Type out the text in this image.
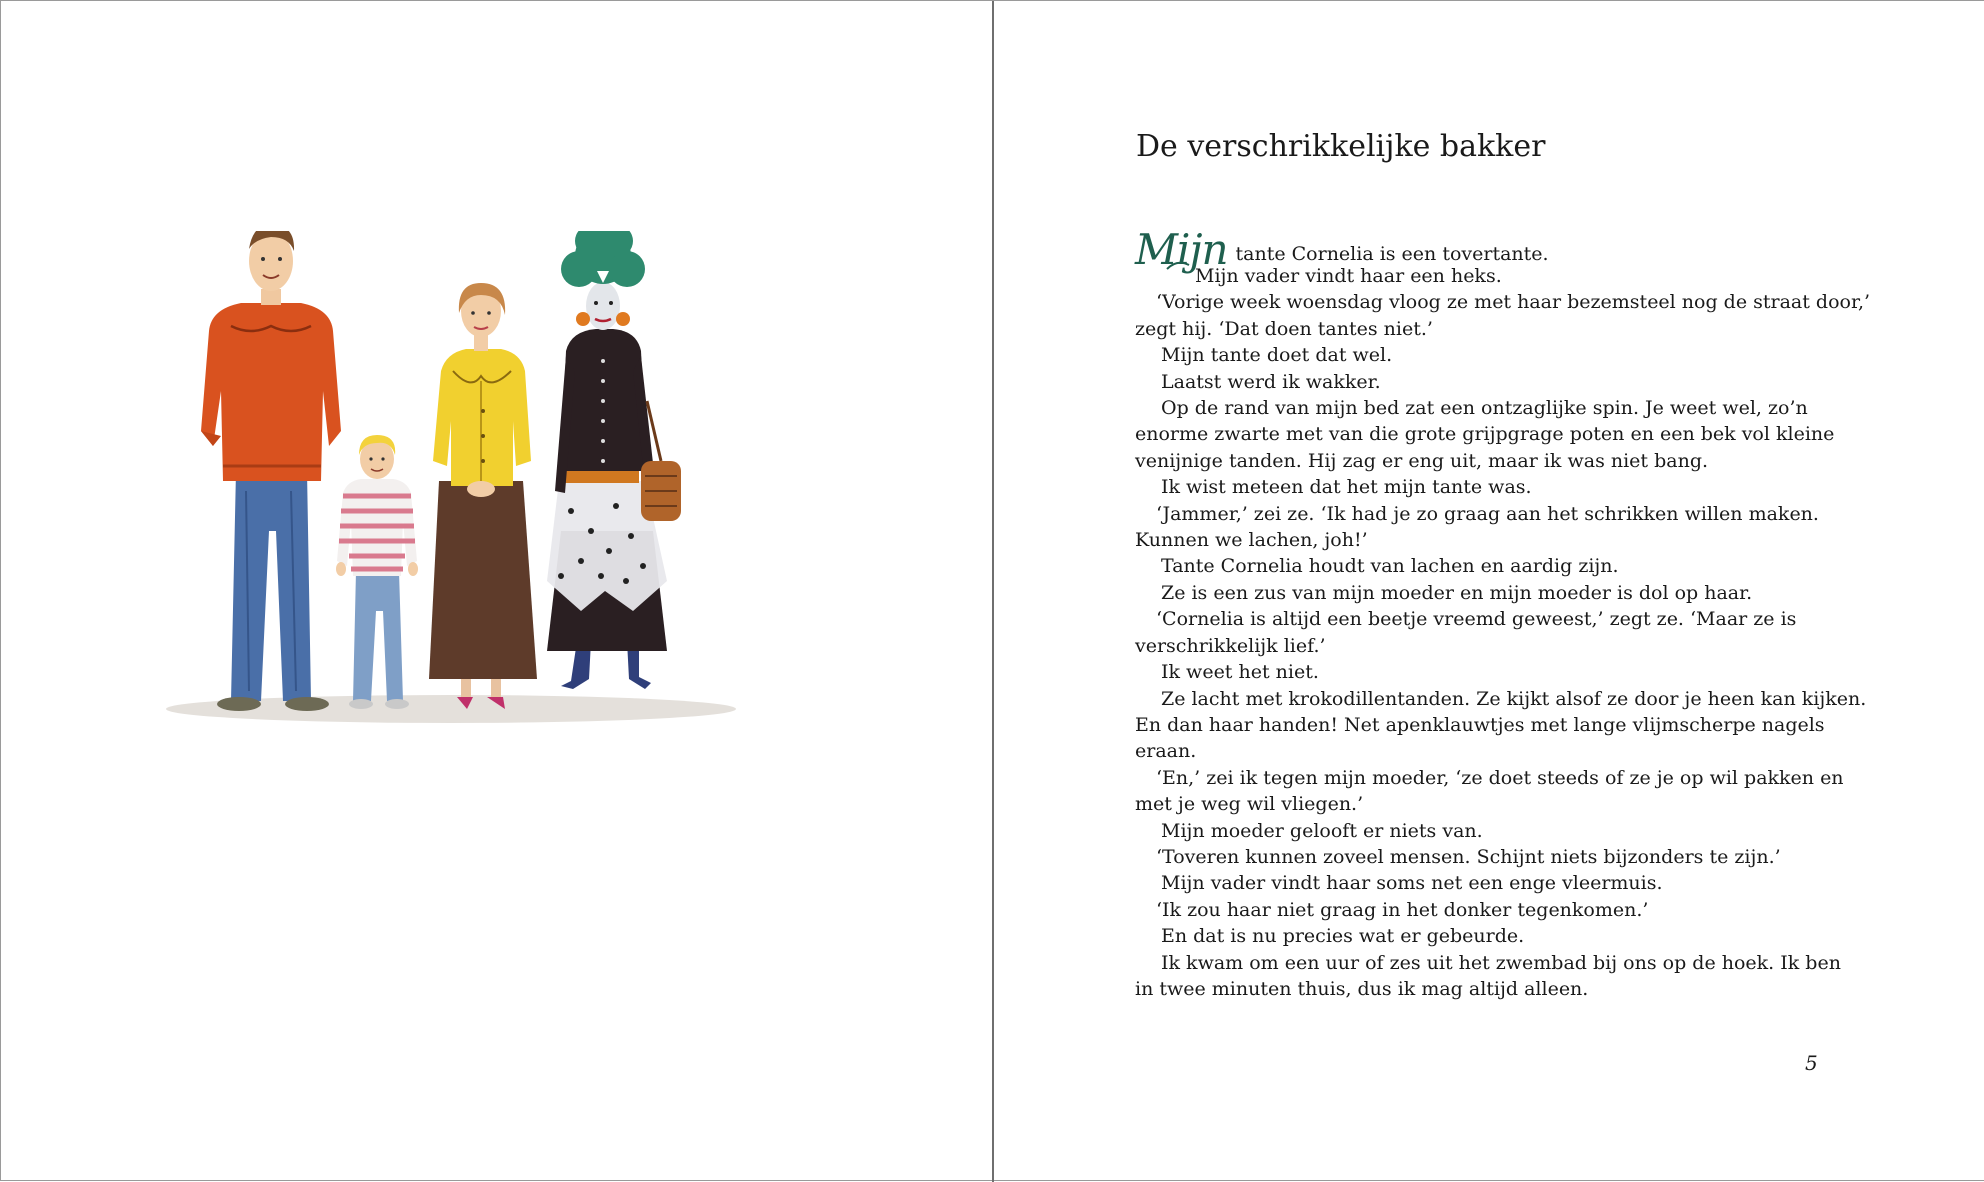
De verschrikkelijke bakker
Mijn tante Cornelia is een tovertante.
Mijn vader vindt haar een heks.
‘Vorige week woensdag vloog ze met haar bezemsteel nog de straat door,’
zegt hij. ‘Dat doen tantes niet.’
Mijn tante doet dat wel.
Laatst werd ik wakker.
Op de rand van mijn bed zat een ontzaglijke spin. Je weet wel, zo’n
enorme zwarte met van die grote grijpgrage poten en een bek vol kleine
venijnige tanden. Hij zag er eng uit, maar ik was niet bang.
Ik wist meteen dat het mijn tante was.
‘Jammer,’ zei ze. ‘Ik had je zo graag aan het schrikken willen maken.
Kunnen we lachen, joh!’
Tante Cornelia houdt van lachen en aardig zijn.
Ze is een zus van mijn moeder en mijn moeder is dol op haar.
‘Cornelia is altijd een beetje vreemd geweest,’ zegt ze. ‘Maar ze is
verschrikkelijk lief.’
Ik weet het niet.
Ze lacht met krokodillentanden. Ze kijkt alsof ze door je heen kan kijken.
En dan haar handen! Net apenklauwtjes met lange vlijmscherpe nagels
eraan.
‘En,’ zei ik tegen mijn moeder, ‘ze doet steeds of ze je op wil pakken en
met je weg wil vliegen.’
Mijn moeder gelooft er niets van.
‘Toveren kunnen zoveel mensen. Schijnt niets bijzonders te zijn.’
Mijn vader vindt haar soms net een enge vleermuis.
‘Ik zou haar niet graag in het donker tegenkomen.’
En dat is nu precies wat er gebeurde.
Ik kwam om een uur of zes uit het zwembad bij ons op de hoek. Ik ben
in twee minuten thuis, dus ik mag altijd alleen.
5
